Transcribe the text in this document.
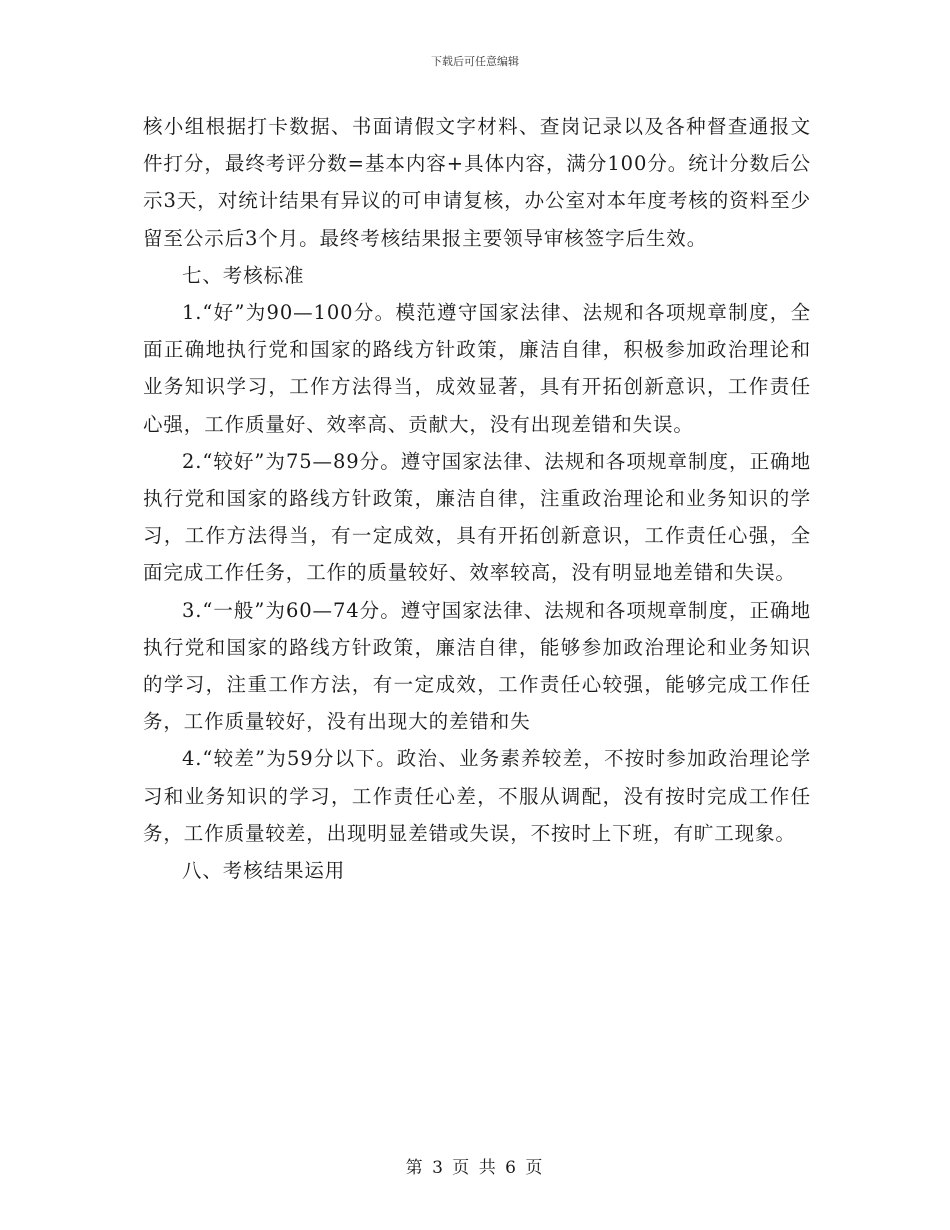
下载后可任意编辑

核小组根据打卡数据、书面请假文字材料、查岗记录以及各种督查通报文件打分，最终考评分数=基本内容+具体内容，满分100分。统计分数后公示3天，对统计结果有异议的可申请复核，办公室对本年度考核的资料至少留至公示后3个月。最终考核结果报主要领导审核签字后生效。

七、考核标准

1.“好”为90—100分。模范遵守国家法律、法规和各项规章制度，全面正确地执行党和国家的路线方针政策，廉洁自律，积极参加政治理论和业务知识学习，工作方法得当，成效显著，具有开拓创新意识，工作责任心强，工作质量好、效率高、贡献大，没有出现差错和失误。

2.“较好”为75—89分。遵守国家法律、法规和各项规章制度，正确地执行党和国家的路线方针政策，廉洁自律，注重政治理论和业务知识的学习，工作方法得当，有一定成效，具有开拓创新意识，工作责任心强，全面完成工作任务，工作的质量较好、效率较高，没有明显地差错和失误。

3.“一般”为60—74分。遵守国家法律、法规和各项规章制度，正确地执行党和国家的路线方针政策，廉洁自律，能够参加政治理论和业务知识的学习，注重工作方法，有一定成效，工作责任心较强，能够完成工作任务，工作质量较好，没有出现大的差错和失

4.“较差”为59分以下。政治、业务素养较差，不按时参加政治理论学习和业务知识的学习，工作责任心差，不服从调配，没有按时完成工作任务，工作质量较差，出现明显差错或失误，不按时上下班，有旷工现象。

八、考核结果运用

第 3 页 共 6 页
